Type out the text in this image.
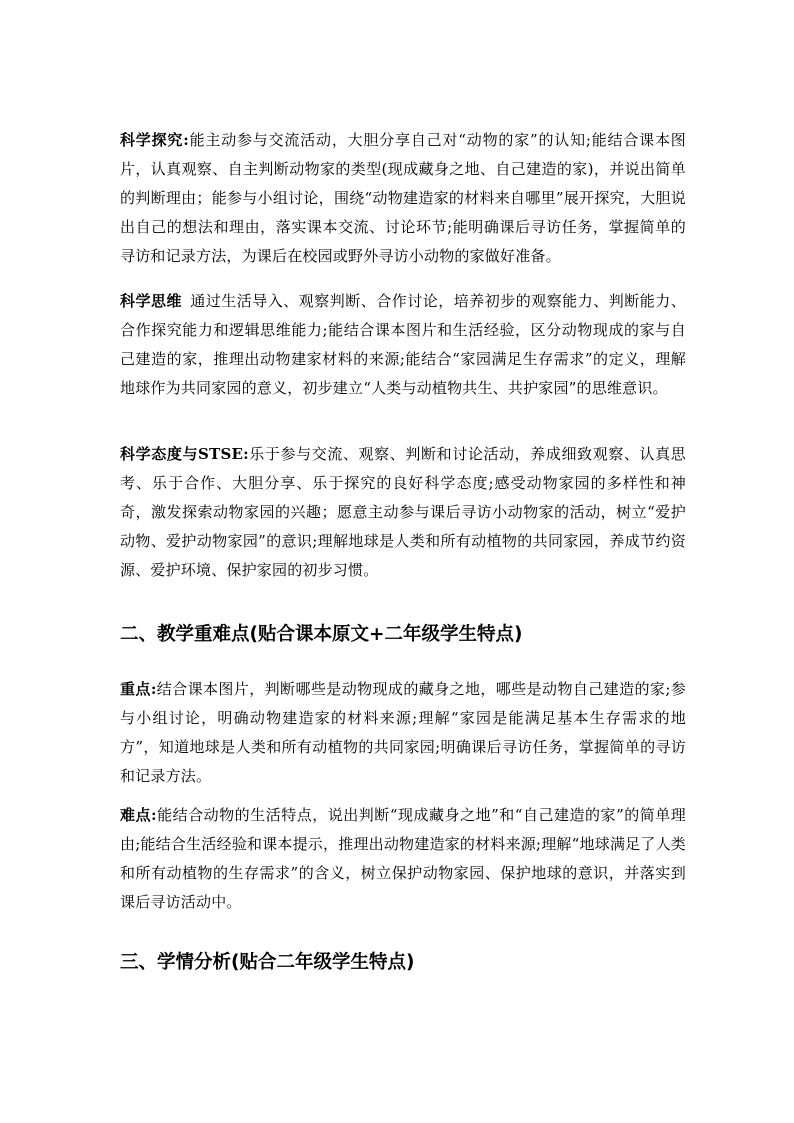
科学探究:能主动参与交流活动，大胆分享自己对“动物的家”的认知;能结合课本图片，认真观察、自主判断动物家的类型(现成藏身之地、自己建造的家)，并说出简单的判断理由；能参与小组讨论，围绕“动物建造家的材料来自哪里”展开探究，大胆说出自己的想法和理由，落实课本交流、讨论环节;能明确课后寻访任务，掌握简单的寻访和记录方法，为课后在校园或野外寻访小动物的家做好准备。
科学思维 通过生活导入、观察判断、合作讨论，培养初步的观察能力、判断能力、合作探究能力和逻辑思维能力;能结合课本图片和生活经验，区分动物现成的家与自己建造的家，推理出动物建家材料的来源;能结合“家园满足生存需求”的定义，理解地球作为共同家园的意义，初步建立“人类与动植物共生、共护家园”的思维意识。
科学态度与STSE:乐于参与交流、观察、判断和讨论活动，养成细致观察、认真思考、乐于合作、大胆分享、乐于探究的良好科学态度;感受动物家园的多样性和神奇，激发探索动物家园的兴趣；愿意主动参与课后寻访小动物家的活动，树立“爱护动物、爱护动物家园”的意识;理解地球是人类和所有动植物的共同家园，养成节约资源、爱护环境、保护家园的初步习惯。
二、教学重难点(贴合课本原文+二年级学生特点)
重点:结合课本图片，判断哪些是动物现成的藏身之地，哪些是动物自己建造的家;参与小组讨论，明确动物建造家的材料来源;理解“家园是能满足基本生存需求的地方”，知道地球是人类和所有动植物的共同家园;明确课后寻访任务，掌握简单的寻访和记录方法。
难点:能结合动物的生活特点，说出判断“现成藏身之地”和“自己建造的家”的简单理由;能结合生活经验和课本提示，推理出动物建造家的材料来源;理解“地球满足了人类和所有动植物的生存需求”的含义，树立保护动物家园、保护地球的意识，并落实到课后寻访活动中。
三、学情分析(贴合二年级学生特点)
